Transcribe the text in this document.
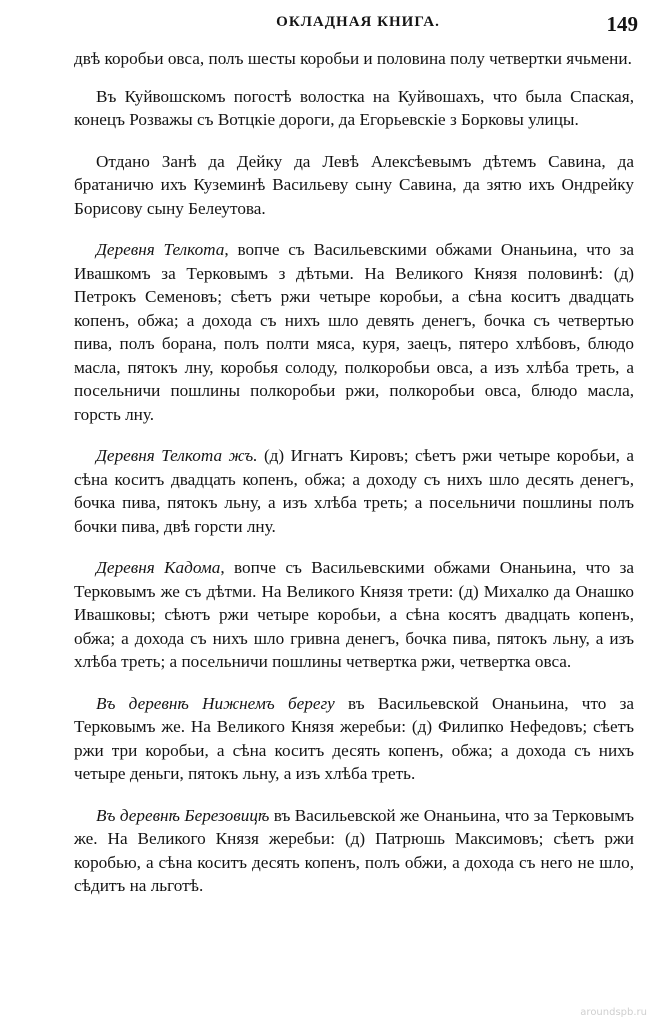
ОКЛАДНАЯ КНИГА.	149

двѣ коробьи овса, полъ шесты коробьи и половина полу четвертки ячьмени.

Въ Куйвошскомъ погостѣ волостка на Куйвошахъ, что была Спаская, конецъ Розважы съ Вотцкіе дороги, да Егорьевскіе з Борковы улицы.

Отдано Занѣ да Дейку да Левѣ Алексѣевымъ дѣтемъ Савина, да братаничю ихъ Куземинѣ Васильеву сыну Савина, да зятю ихъ Ондрейку Борисову сыну Белеутова.

Деревня Телкота, вопче съ Васильевскими обжами Онаньина, что за Ивашкомъ за Терковымъ з дѣтьми. На Великого Князя половинѣ: (д) Петрокъ Семеновъ; сѣетъ ржи четыре коробьи, а сѣна коситъ двадцать копенъ, обжа; а дохода съ нихъ шло девять денегъ, бочка съ четвертью пива, полъ борана, полъ полти мяса, куря, заецъ, пятеро хлѣбовъ, блюдо масла, пятокъ лну, коробья солоду, полкоробьи овса, а изъ хлѣба треть, а посельничи пошлины полкоробьи ржи, полкоробьи овса, блюдо масла, горсть лну.

Деревня Телкота жъ. (д) Игнатъ Кировъ; сѣетъ ржи четыре коробьи, а сѣна коситъ двадцать копенъ, обжа; а доходу съ нихъ шло десять денегъ, бочка пива, пятокъ льну, а изъ хлѣба треть; а посельничи пошлины полъ бочки пива, двѣ горсти лну.

Деревня Кадома, вопче съ Васильевскими обжами Онаньина, что за Терковымъ же съ дѣтми. На Великого Князя трети: (д) Михалко да Онашко Ивашковы; сѣютъ ржи четыре коробьи, а сѣна косятъ двадцать копенъ, обжа; а дохода съ нихъ шло гривна денегъ, бочка пива, пятокъ льну, а изъ хлѣба треть; а посельничи пошлины четвертка ржи, четвертка овса.

Въ деревнѣ Нижнемъ берегу въ Васильевской Онаньина, что за Терковымъ же. На Великого Князя жеребьи: (д) Филипко Нефедовъ; сѣетъ ржи три коробьи, а сѣна коситъ десять копенъ, обжа; а дохода съ нихъ четыре деньги, пятокъ льну, а изъ хлѣба треть.

Въ деревнѣ Березовицѣ въ Васильевской же Онаньина, что за Терковымъ же. На Великого Князя жеребьи: (д) Патрюшь Максимовъ; сѣетъ ржи коробью, а сѣна коситъ десять копенъ, полъ обжи, а дохода съ него не шло, сѣдитъ на льготѣ.

aroundspb.ru
